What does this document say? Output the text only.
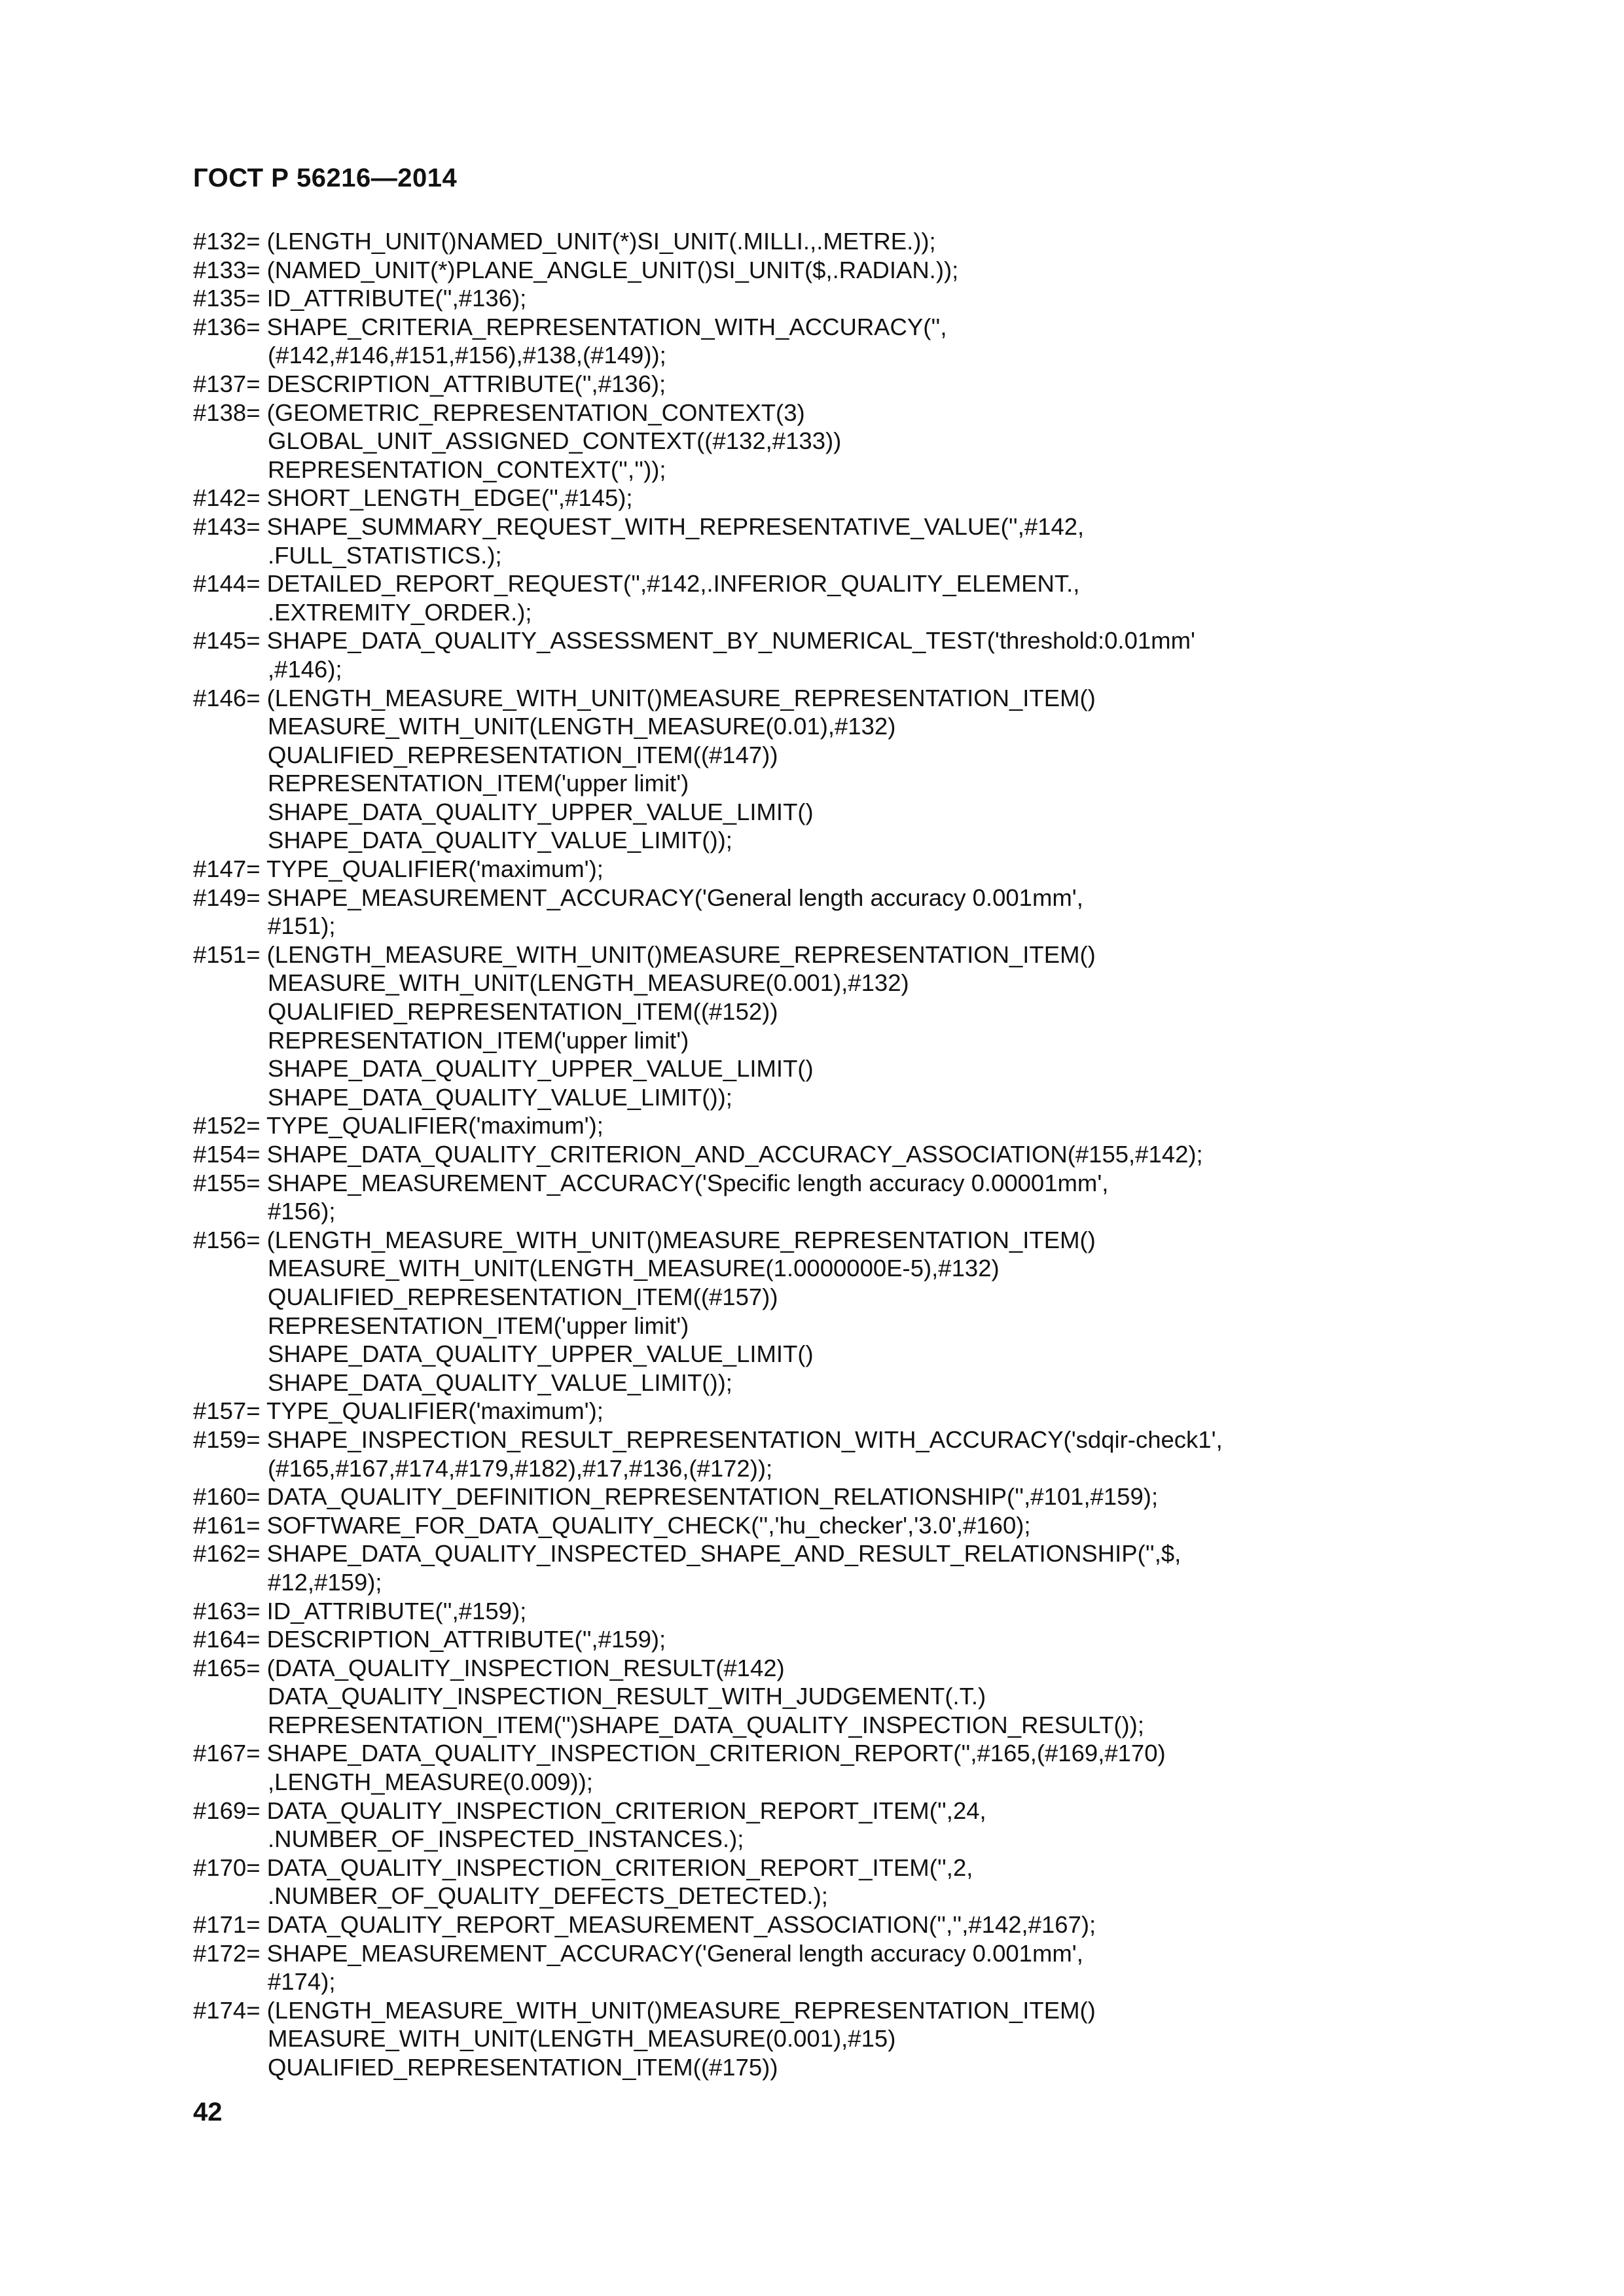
ГОСТ Р 56216—2014
#132= (LENGTH_UNIT()NAMED_UNIT(*)SI_UNIT(.MILLI.,.METRE.));
#133= (NAMED_UNIT(*)PLANE_ANGLE_UNIT()SI_UNIT($,.RADIAN.));
#135= ID_ATTRIBUTE('',#136);
#136= SHAPE_CRITERIA_REPRESENTATION_WITH_ACCURACY('',
(#142,#146,#151,#156),#138,(#149));
#137= DESCRIPTION_ATTRIBUTE('',#136);
#138= (GEOMETRIC_REPRESENTATION_CONTEXT(3)
GLOBAL_UNIT_ASSIGNED_CONTEXT((#132,#133))
REPRESENTATION_CONTEXT('',''));
#142= SHORT_LENGTH_EDGE('',#145);
#143= SHAPE_SUMMARY_REQUEST_WITH_REPRESENTATIVE_VALUE('',#142,
.FULL_STATISTICS.);
#144= DETAILED_REPORT_REQUEST('',#142,.INFERIOR_QUALITY_ELEMENT.,
.EXTREMITY_ORDER.);
#145= SHAPE_DATA_QUALITY_ASSESSMENT_BY_NUMERICAL_TEST('threshold:0.01mm'
,#146);
#146= (LENGTH_MEASURE_WITH_UNIT()MEASURE_REPRESENTATION_ITEM()
MEASURE_WITH_UNIT(LENGTH_MEASURE(0.01),#132)
QUALIFIED_REPRESENTATION_ITEM((#147))
REPRESENTATION_ITEM('upper limit')
SHAPE_DATA_QUALITY_UPPER_VALUE_LIMIT()
SHAPE_DATA_QUALITY_VALUE_LIMIT());
#147= TYPE_QUALIFIER('maximum');
#149= SHAPE_MEASUREMENT_ACCURACY('General length accuracy 0.001mm',
#151);
#151= (LENGTH_MEASURE_WITH_UNIT()MEASURE_REPRESENTATION_ITEM()
MEASURE_WITH_UNIT(LENGTH_MEASURE(0.001),#132)
QUALIFIED_REPRESENTATION_ITEM((#152))
REPRESENTATION_ITEM('upper limit')
SHAPE_DATA_QUALITY_UPPER_VALUE_LIMIT()
SHAPE_DATA_QUALITY_VALUE_LIMIT());
#152= TYPE_QUALIFIER('maximum');
#154= SHAPE_DATA_QUALITY_CRITERION_AND_ACCURACY_ASSOCIATION(#155,#142);
#155= SHAPE_MEASUREMENT_ACCURACY('Specific length accuracy 0.00001mm',
#156);
#156= (LENGTH_MEASURE_WITH_UNIT()MEASURE_REPRESENTATION_ITEM()
MEASURE_WITH_UNIT(LENGTH_MEASURE(1.0000000E-5),#132)
QUALIFIED_REPRESENTATION_ITEM((#157))
REPRESENTATION_ITEM('upper limit')
SHAPE_DATA_QUALITY_UPPER_VALUE_LIMIT()
SHAPE_DATA_QUALITY_VALUE_LIMIT());
#157= TYPE_QUALIFIER('maximum');
#159= SHAPE_INSPECTION_RESULT_REPRESENTATION_WITH_ACCURACY('sdqir-check1',
(#165,#167,#174,#179,#182),#17,#136,(#172));
#160= DATA_QUALITY_DEFINITION_REPRESENTATION_RELATIONSHIP('',#101,#159);
#161= SOFTWARE_FOR_DATA_QUALITY_CHECK('','hu_checker','3.0',#160);
#162= SHAPE_DATA_QUALITY_INSPECTED_SHAPE_AND_RESULT_RELATIONSHIP('',$,
#12,#159);
#163= ID_ATTRIBUTE('',#159);
#164= DESCRIPTION_ATTRIBUTE('',#159);
#165= (DATA_QUALITY_INSPECTION_RESULT(#142)
DATA_QUALITY_INSPECTION_RESULT_WITH_JUDGEMENT(.T.)
REPRESENTATION_ITEM('')SHAPE_DATA_QUALITY_INSPECTION_RESULT());
#167= SHAPE_DATA_QUALITY_INSPECTION_CRITERION_REPORT('',#165,(#169,#170)
,LENGTH_MEASURE(0.009));
#169= DATA_QUALITY_INSPECTION_CRITERION_REPORT_ITEM('',24,
.NUMBER_OF_INSPECTED_INSTANCES.);
#170= DATA_QUALITY_INSPECTION_CRITERION_REPORT_ITEM('',2,
.NUMBER_OF_QUALITY_DEFECTS_DETECTED.);
#171= DATA_QUALITY_REPORT_MEASUREMENT_ASSOCIATION('','',#142,#167);
#172= SHAPE_MEASUREMENT_ACCURACY('General length accuracy 0.001mm',
#174);
#174= (LENGTH_MEASURE_WITH_UNIT()MEASURE_REPRESENTATION_ITEM()
MEASURE_WITH_UNIT(LENGTH_MEASURE(0.001),#15)
QUALIFIED_REPRESENTATION_ITEM((#175))
42
